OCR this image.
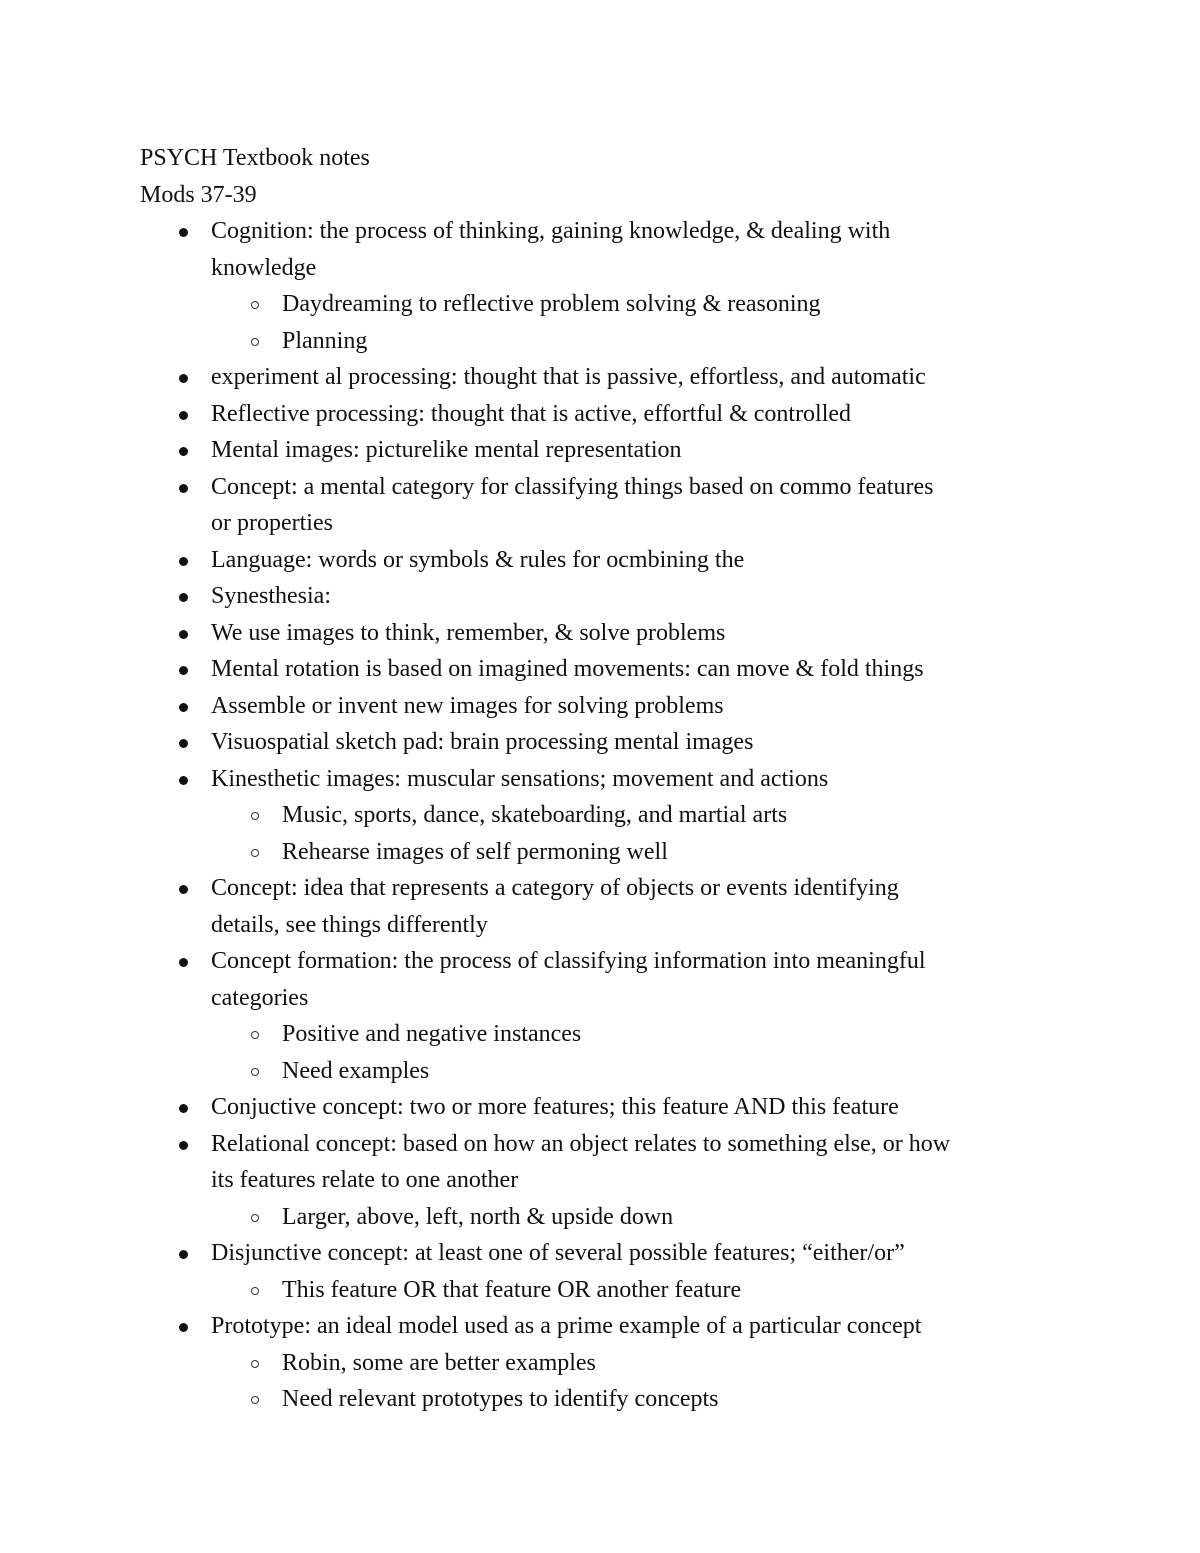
PSYCH Textbook notes
Mods 37-39
Cognition: the process of thinking, gaining knowledge, & dealing with
knowledge
Daydreaming to reflective problem solving & reasoning
Planning
experiment al processing: thought that is passive, effortless, and automatic
Reflective processing: thought that is active, effortful & controlled
Mental images: picturelike mental representation
Concept: a mental category for classifying things based on commo features
or properties
Language: words or symbols & rules for ocmbining the
Synesthesia:
We use images to think, remember, & solve problems
Mental rotation is based on imagined movements: can move & fold things
Assemble or invent new images for solving problems
Visuospatial sketch pad: brain processing mental images
Kinesthetic images: muscular sensations; movement and actions
Music, sports, dance, skateboarding, and martial arts
Rehearse images of self permoning well
Concept: idea that represents a category of objects or events identifying
details, see things differently
Concept formation: the process of classifying information into meaningful
categories
Positive and negative instances
Need examples
Conjuctive concept: two or more features; this feature AND this feature
Relational concept: based on how an object relates to something else, or how
its features relate to one another
Larger, above, left, north & upside down
Disjunctive concept: at least one of several possible features; “either/or”
This feature OR that feature OR another feature
Prototype: an ideal model used as a prime example of a particular concept
Robin, some are better examples
Need relevant prototypes to identify concepts
